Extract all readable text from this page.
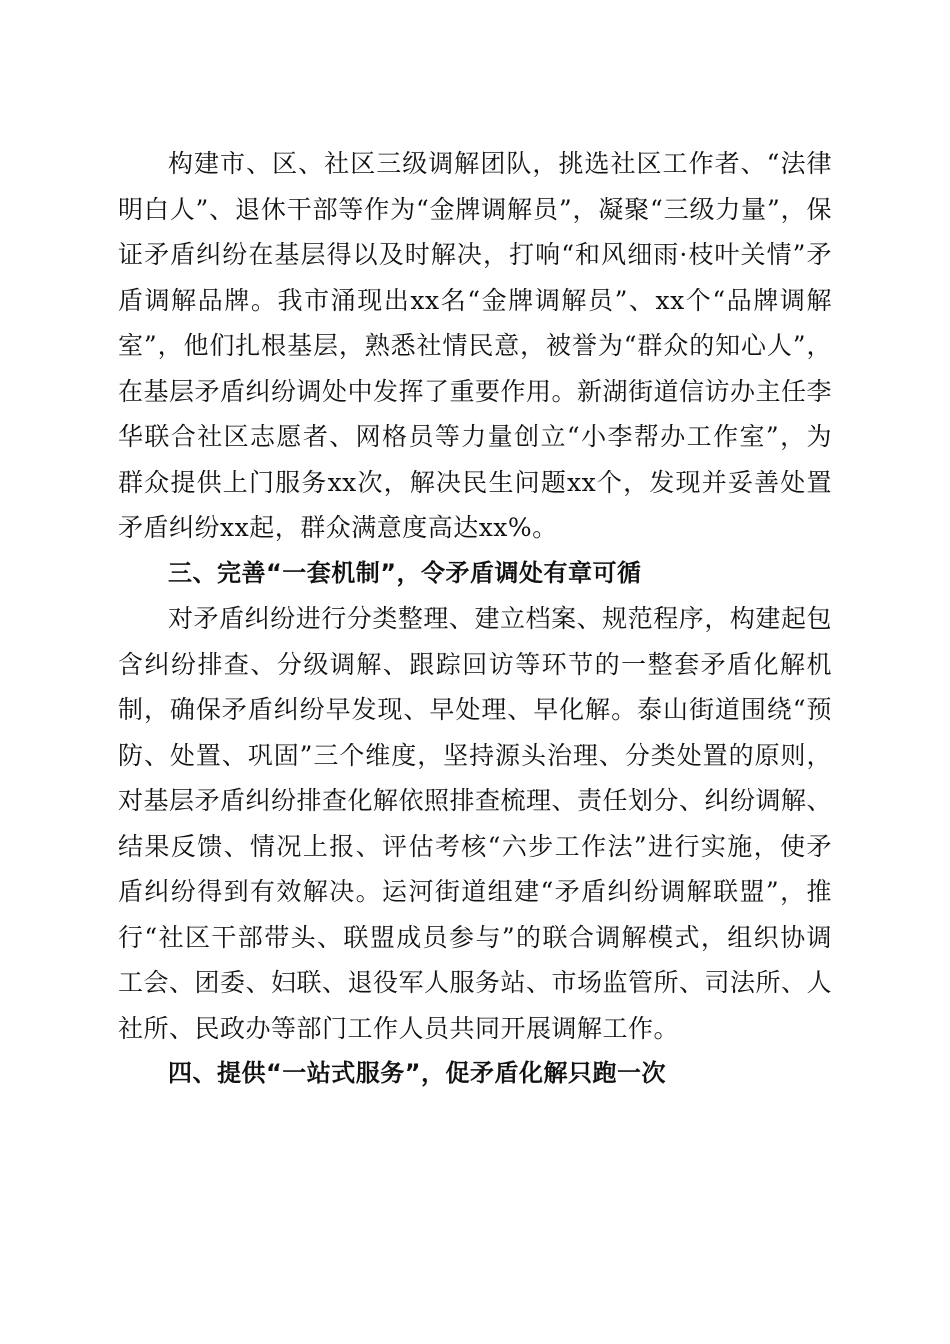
构建市、区、社区三级调解团队，挑选社区工作者、“法律明白人”、退休干部等作为“金牌调解员”，凝聚“三级力量”，保证矛盾纠纷在基层得以及时解决，打响“和风细雨·枝叶关情”矛盾调解品牌。我市涌现出xx名“金牌调解员”、xx个“品牌调解室”，他们扎根基层，熟悉社情民意，被誉为“群众的知心人”，在基层矛盾纠纷调处中发挥了重要作用。新湖街道信访办主任李华联合社区志愿者、网格员等力量创立“小李帮办工作室”，为群众提供上门服务xx次，解决民生问题xx个，发现并妥善处置矛盾纠纷xx起，群众满意度高达xx%。

三、完善“一套机制”，令矛盾调处有章可循

对矛盾纠纷进行分类整理、建立档案、规范程序，构建起包含纠纷排查、分级调解、跟踪回访等环节的一整套矛盾化解机制，确保矛盾纠纷早发现、早处理、早化解。泰山街道围绕“预防、处置、巩固”三个维度，坚持源头治理、分类处置的原则，对基层矛盾纠纷排查化解依照排查梳理、责任划分、纠纷调解、结果反馈、情况上报、评估考核“六步工作法”进行实施，使矛盾纠纷得到有效解决。运河街道组建“矛盾纠纷调解联盟”，推行“社区干部带头、联盟成员参与”的联合调解模式，组织协调工会、团委、妇联、退役军人服务站、市场监管所、司法所、人社所、民政办等部门工作人员共同开展调解工作。

四、提供“一站式服务”，促矛盾化解只跑一次
